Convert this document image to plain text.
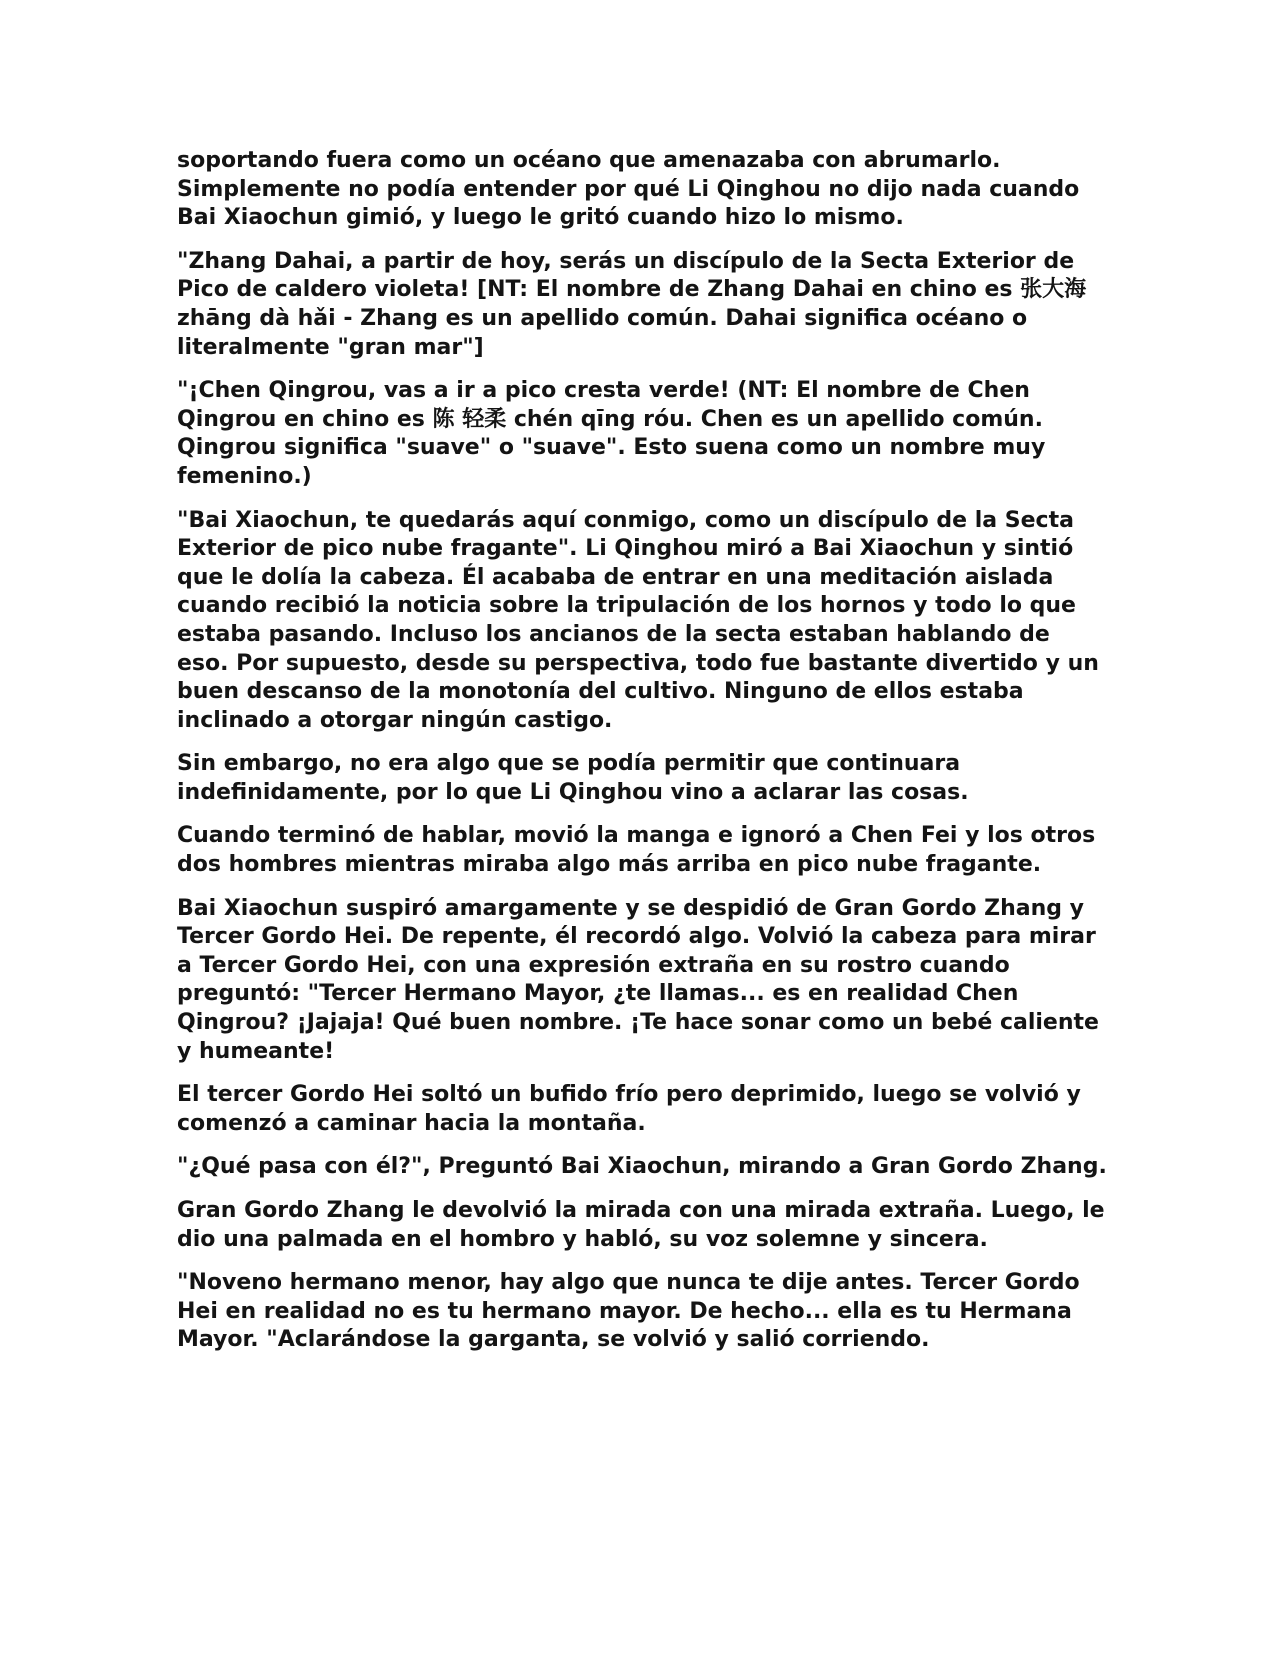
soportando fuera como un océano que amenazaba con abrumarlo. Simplemente no podía entender por qué Li Qinghou no dijo nada cuando Bai Xiaochun gimió, y luego le gritó cuando hizo lo mismo.

"Zhang Dahai, a partir de hoy, serás un discípulo de la Secta Exterior de Pico de caldero violeta! [NT: El nombre de Zhang Dahai en chino es 张大海 zhāng dà hǎi - Zhang es un apellido común. Dahai significa océano o literalmente "gran mar"]

"¡Chen Qingrou, vas a ir a pico cresta verde! (NT: El nombre de Chen Qingrou en chino es 陈 轻柔 chén qīng róu. Chen es un apellido común. Qingrou significa "suave" o "suave". Esto suena como un nombre muy femenino.)

"Bai Xiaochun, te quedarás aquí conmigo, como un discípulo de la Secta Exterior de pico nube fragante". Li Qinghou miró a Bai Xiaochun y sintió que le dolía la cabeza. Él acababa de entrar en una meditación aislada cuando recibió la noticia sobre la tripulación de los hornos y todo lo que estaba pasando. Incluso los ancianos de la secta estaban hablando de eso. Por supuesto, desde su perspectiva, todo fue bastante divertido y un buen descanso de la monotonía del cultivo. Ninguno de ellos estaba inclinado a otorgar ningún castigo.

Sin embargo, no era algo que se podía permitir que continuara indefinidamente, por lo que Li Qinghou vino a aclarar las cosas.

Cuando terminó de hablar, movió la manga e ignoró a Chen Fei y los otros dos hombres mientras miraba algo más arriba en pico nube fragante.

Bai Xiaochun suspiró amargamente y se despidió de Gran Gordo Zhang y Tercer Gordo Hei. De repente, él recordó algo. Volvió la cabeza para mirar a Tercer Gordo Hei, con una expresión extraña en su rostro cuando preguntó: "Tercer Hermano Mayor, ¿te llamas... es en realidad Chen Qingrou? ¡Jajaja! Qué buen nombre. ¡Te hace sonar como un bebé caliente y humeante!

El tercer Gordo Hei soltó un bufido frío pero deprimido, luego se volvió y comenzó a caminar hacia la montaña.

"¿Qué pasa con él?", Preguntó Bai Xiaochun, mirando a Gran Gordo Zhang.

Gran Gordo Zhang le devolvió la mirada con una mirada extraña. Luego, le dio una palmada en el hombro y habló, su voz solemne y sincera.

"Noveno hermano menor, hay algo que nunca te dije antes. Tercer Gordo Hei en realidad no es tu hermano mayor. De hecho... ella es tu Hermana Mayor. "Aclarándose la garganta, se volvió y salió corriendo.
